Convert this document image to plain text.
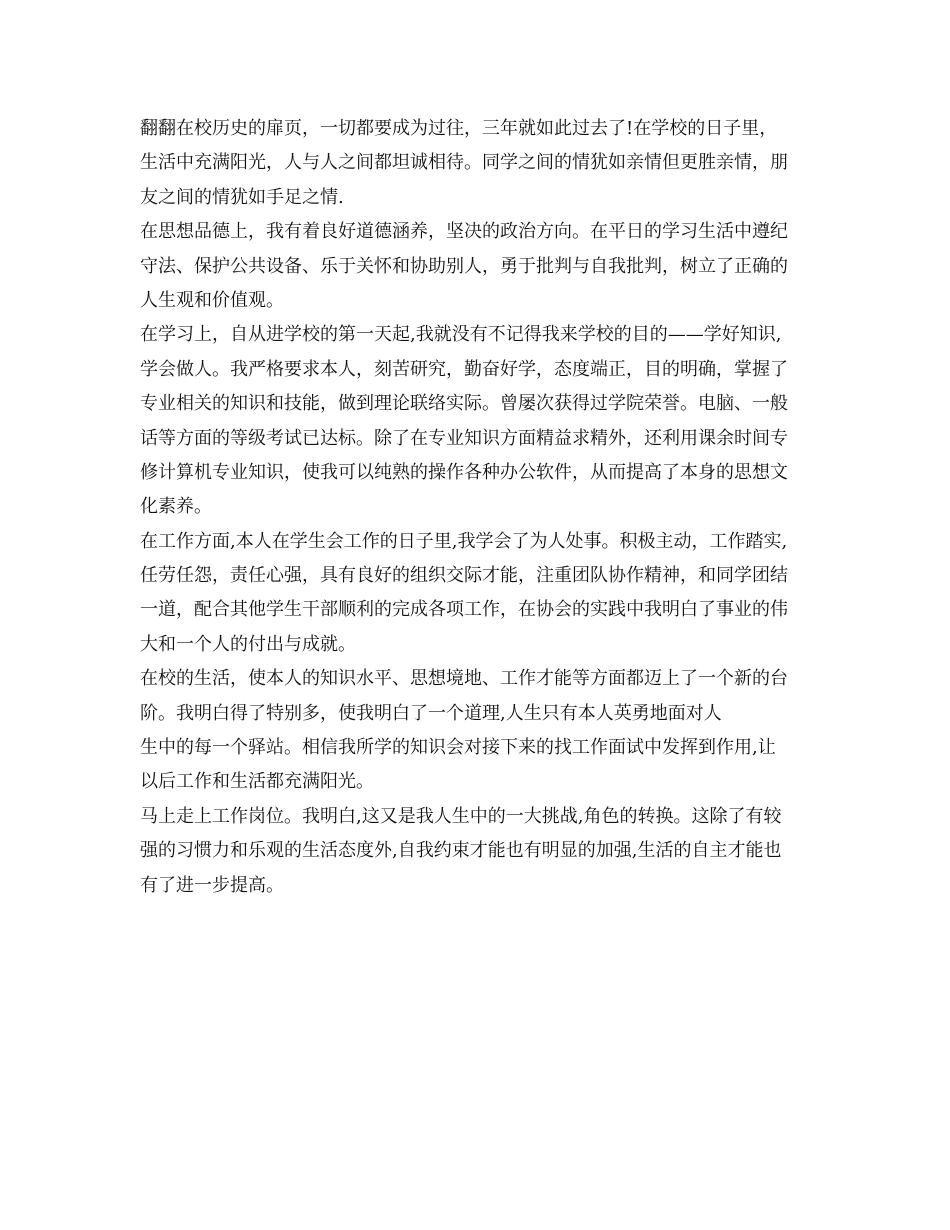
翻翻在校历史的扉页，一切都要成为过往，三年就如此过去了!在学校的日子里，
生活中充满阳光，人与人之间都坦诚相待。同学之间的情犹如亲情但更胜亲情，朋
友之间的情犹如手足之情.
在思想品德上，我有着良好道德涵养，坚决的政治方向。在平日的学习生活中遵纪
守法、保护公共设备、乐于关怀和协助别人，勇于批判与自我批判，树立了正确的
人生观和价值观。
在学习上，自从进学校的第一天起,我就没有不记得我来学校的目的——学好知识,
学会做人。我严格要求本人，刻苦研究，勤奋好学，态度端正，目的明确，掌握了
专业相关的知识和技能，做到理论联络实际。曾屡次获得过学院荣誉。电脑、一般
话等方面的等级考试已达标。除了在专业知识方面精益求精外，还利用课余时间专
修计算机专业知识，使我可以纯熟的操作各种办公软件，从而提高了本身的思想文
化素养。
在工作方面,本人在学生会工作的日子里,我学会了为人处事。积极主动，工作踏实,
任劳任怨，责任心强，具有良好的组织交际才能，注重团队协作精神，和同学团结
一道，配合其他学生干部顺利的完成各项工作，在协会的实践中我明白了事业的伟
大和一个人的付出与成就。
在校的生活，使本人的知识水平、思想境地、工作才能等方面都迈上了一个新的台
阶。我明白得了特别多，使我明白了一个道理,人生只有本人英勇地面对人
生中的每一个驿站。相信我所学的知识会对接下来的找工作面试中发挥到作用,让
以后工作和生活都充满阳光。
马上走上工作岗位。我明白,这又是我人生中的一大挑战,角色的转换。这除了有较
强的习惯力和乐观的生活态度外,自我约束才能也有明显的加强,生活的自主才能也
有了进一步提高。
